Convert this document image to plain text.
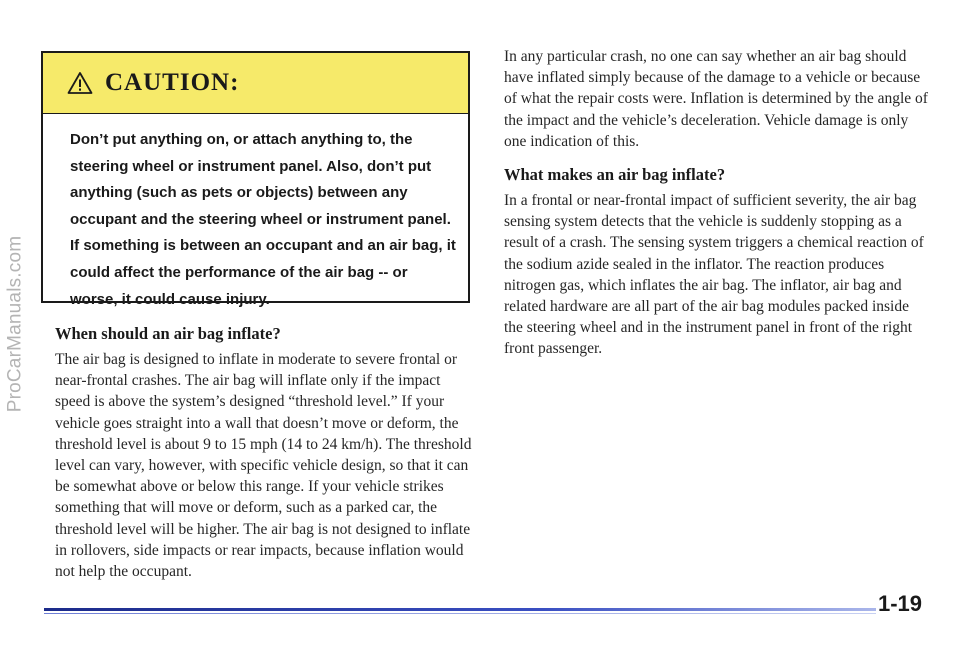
ProCarManuals.com
CAUTION:
Don’t put anything on, or attach anything to, the steering wheel or instrument panel. Also, don’t put anything (such as pets or objects) between any occupant and the steering wheel or instrument panel. If something is between an occupant and an air bag, it could affect the performance of the air bag -- or worse, it could cause injury.
When should an air bag inflate?

The air bag is designed to inflate in moderate to severe frontal or near-frontal crashes. The air bag will inflate only if the impact speed is above the system’s designed “threshold level.” If your vehicle goes straight into a wall that doesn’t move or deform, the threshold level is about 9 to 15 mph (14 to 24 km/h). The threshold level can vary, however, with specific vehicle design, so that it can be somewhat above or below this range. If your vehicle strikes something that will move or deform, such as a parked car, the threshold level will be higher. The air bag is not designed to inflate in rollovers, side impacts or rear impacts, because inflation would not help the occupant.

In any particular crash, no one can say whether an air bag should have inflated simply because of the damage to a vehicle or because of what the repair costs were. Inflation is determined by the angle of the impact and the vehicle’s deceleration. Vehicle damage is only one indication of this.

What makes an air bag inflate?

In a frontal or near-frontal impact of sufficient severity, the air bag sensing system detects that the vehicle is suddenly stopping as a result of a crash. The sensing system triggers a chemical reaction of the sodium azide sealed in the inflator. The reaction produces nitrogen gas, which inflates the air bag. The inflator, air bag and related hardware are all part of the air bag modules packed inside the steering wheel and in the instrument panel in front of the right front passenger.

1-19
